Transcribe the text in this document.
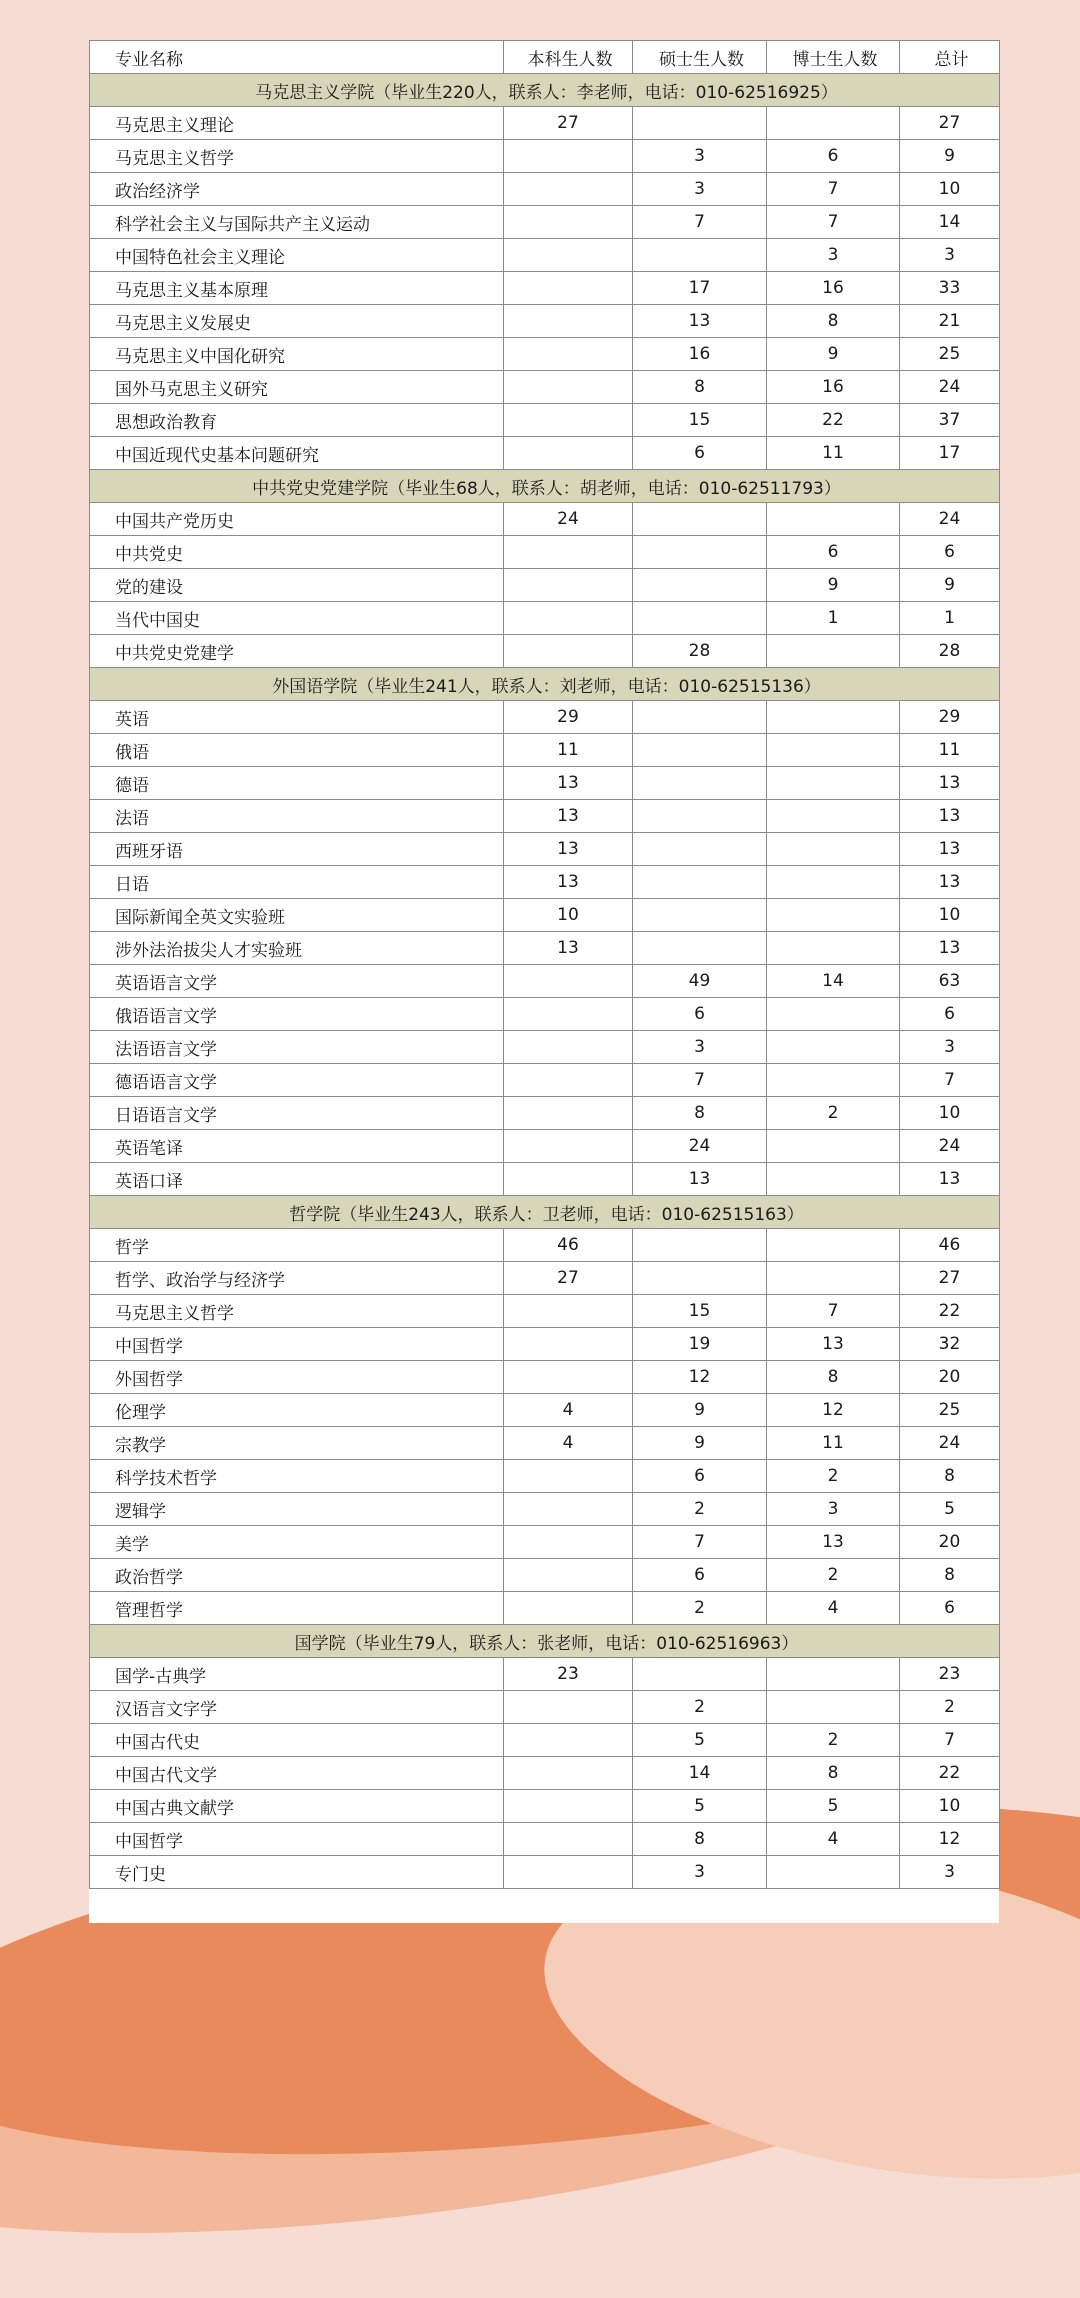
专业名称	本科生人数	硕士生人数	博士生人数	总计
马克思主义学院（毕业生220人，联系人：李老师，电话：010-62516925）				
马克思主义理论	27			27
马克思主义哲学		3	6	9
政治经济学		3	7	10
科学社会主义与国际共产主义运动		7	7	14
中国特色社会主义理论			3	3
马克思主义基本原理		17	16	33
马克思主义发展史		13	8	21
马克思主义中国化研究		16	9	25
国外马克思主义研究		8	16	24
思想政治教育		15	22	37
中国近现代史基本问题研究		6	11	17
中共党史党建学院（毕业生68人，联系人：胡老师，电话：010-62511793）				
中国共产党历史	24			24
中共党史			6	6
党的建设			9	9
当代中国史			1	1
中共党史党建学		28		28
外国语学院（毕业生241人，联系人：刘老师，电话：010-62515136）				
英语	29			29
俄语	11			11
德语	13			13
法语	13			13
西班牙语	13			13
日语	13			13
国际新闻全英文实验班	10			10
涉外法治拔尖人才实验班	13			13
英语语言文学		49	14	63
俄语语言文学		6		6
法语语言文学		3		3
德语语言文学		7		7
日语语言文学		8	2	10
英语笔译		24		24
英语口译		13		13
哲学院（毕业生243人，联系人：卫老师，电话：010-62515163）				
哲学	46			46
哲学、政治学与经济学	27			27
马克思主义哲学		15	7	22
中国哲学		19	13	32
外国哲学		12	8	20
伦理学	4	9	12	25
宗教学	4	9	11	24
科学技术哲学		6	2	8
逻辑学		2	3	5
美学		7	13	20
政治哲学		6	2	8
管理哲学		2	4	6
国学院（毕业生79人，联系人：张老师，电话：010-62516963）				
国学-古典学	23			23
汉语言文字学		2		2
中国古代史		5	2	7
中国古代文学		14	8	22
中国古典文献学		5	5	10
中国哲学		8	4	12
专门史		3		3
